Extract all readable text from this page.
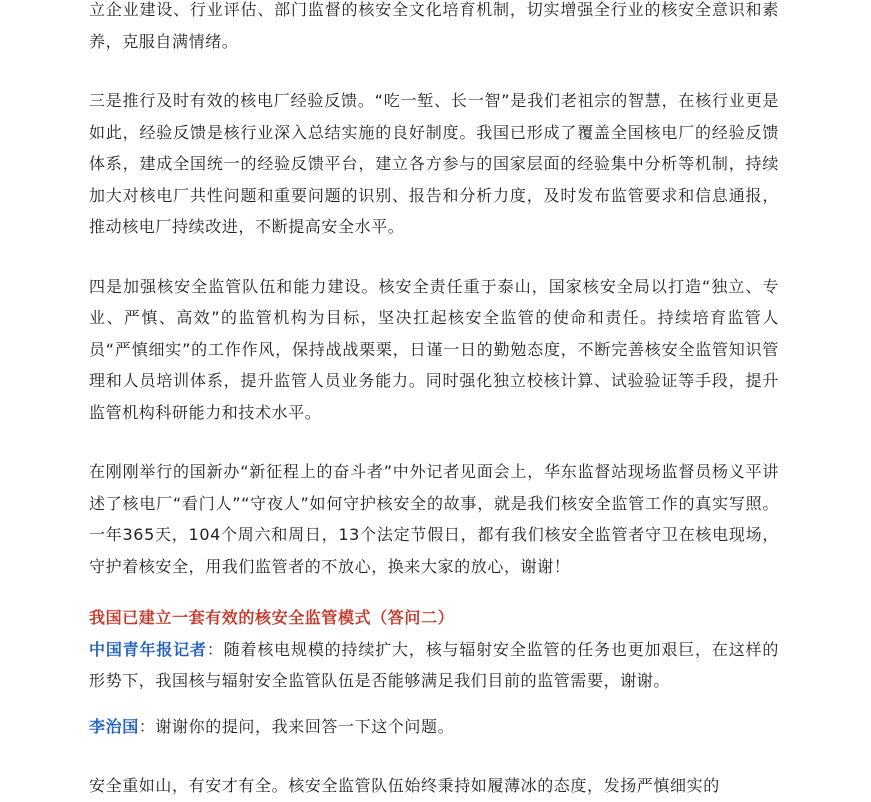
立企业建设、行业评估、部门监督的核安全文化培育机制，切实增强全行业的核安全意识和素养，克服自满情绪。

三是推行及时有效的核电厂经验反馈。“吃一堑、长一智”是我们老祖宗的智慧，在核行业更是如此，经验反馈是核行业深入总结实施的良好制度。我国已形成了覆盖全国核电厂的经验反馈体系，建成全国统一的经验反馈平台，建立各方参与的国家层面的经验集中分析等机制，持续加大对核电厂共性问题和重要问题的识别、报告和分析力度，及时发布监管要求和信息通报，推动核电厂持续改进，不断提高安全水平。

四是加强核安全监管队伍和能力建设。核安全责任重于泰山，国家核安全局以打造“独立、专业、严慎、高效”的监管机构为目标，坚决扛起核安全监管的使命和责任。持续培育监管人员“严慎细实”的工作作风，保持战战栗栗，日谨一日的勤勉态度，不断完善核安全监管知识管理和人员培训体系，提升监管人员业务能力。同时强化独立校核计算、试验验证等手段，提升监管机构科研能力和技术水平。

在刚刚举行的国新办“新征程上的奋斗者”中外记者见面会上，华东监督站现场监督员杨义平讲述了核电厂“看门人”“守夜人”如何守护核安全的故事，就是我们核安全监管工作的真实写照。一年365天，104个周六和周日，13个法定节假日，都有我们核安全监管者守卫在核电现场，守护着核安全，用我们监管者的不放心，换来大家的放心，谢谢！

我国已建立一套有效的核安全监管模式（答问二）

中国青年报记者：随着核电规模的持续扩大，核与辐射安全监管的任务也更加艰巨，在这样的形势下，我国核与辐射安全监管队伍是否能够满足我们目前的监管需要，谢谢。

李治国：谢谢你的提问，我来回答一下这个问题。

安全重如山，有安才有全。核安全监管队伍始终秉持如履薄冰的态度，发扬严慎细实的
